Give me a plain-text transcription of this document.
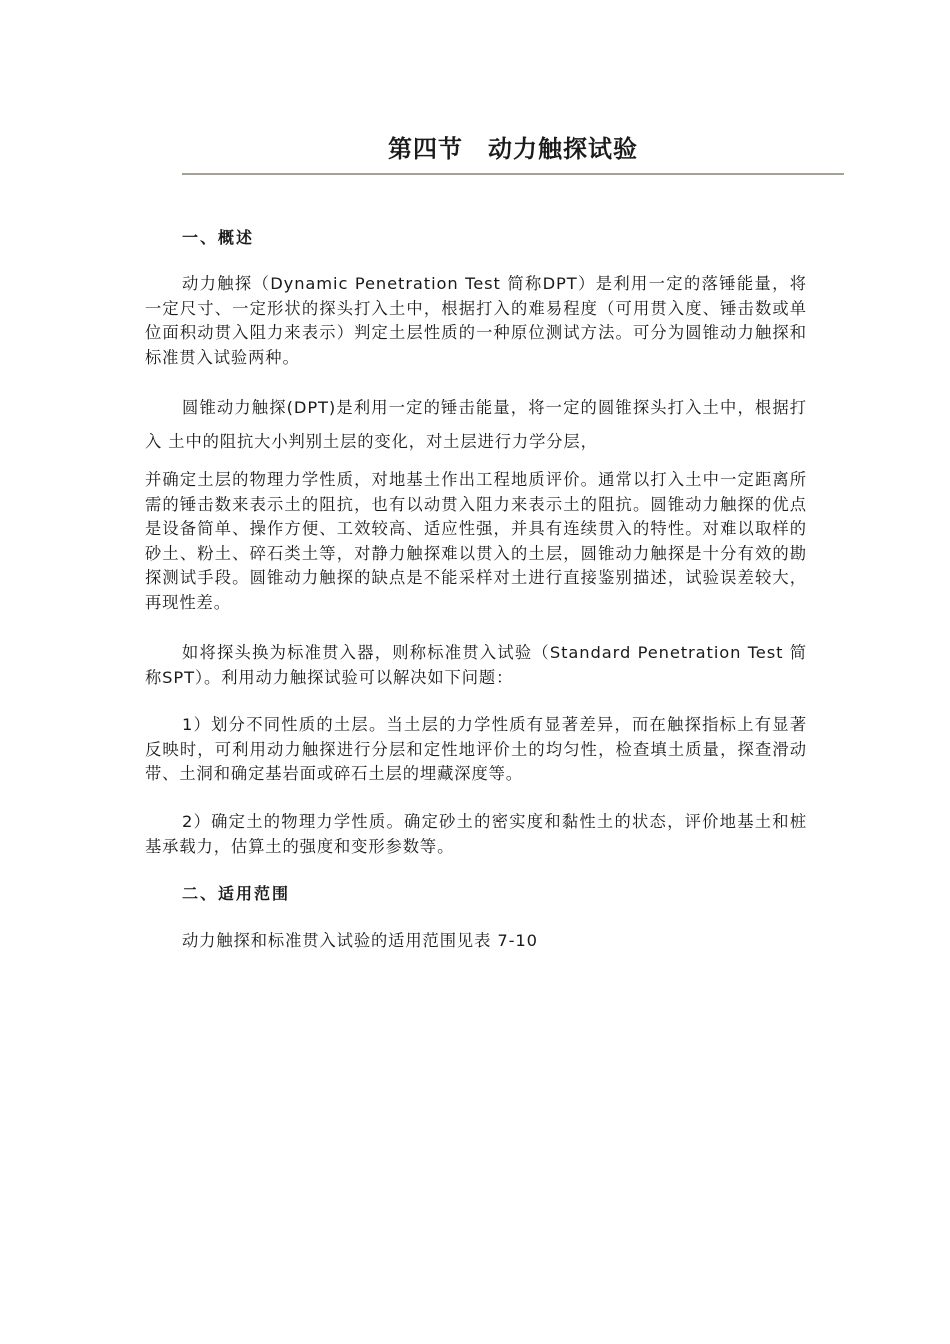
第四节　动力触探试验
一、概述

动力触探（Dynamic Penetration Test 简称DPT）是利用一定的落锤能量，将一定尺寸、一定形状的探头打入土中，根据打入的难易程度（可用贯入度、锤击数或单位面积动贯入阻力来表示）判定土层性质的一种原位测试方法。可分为圆锥动力触探和标准贯入试验两种。

圆锥动力触探(DPT)是利用一定的锤击能量，将一定的圆锥探头打入土中，根据打入 土中的阻抗大小判别土层的变化，对土层进行力学分层，

并确定土层的物理力学性质，对地基土作出工程地质评价。通常以打入土中一定距离所需的锤击数来表示土的阻抗，也有以动贯入阻力来表示土的阻抗。圆锥动力触探的优点是设备简单、操作方便、工效较高、适应性强，并具有连续贯入的特性。对难以取样的砂土、粉土、碎石类土等，对静力触探难以贯入的土层，圆锥动力触探是十分有效的勘探测试手段。圆锥动力触探的缺点是不能采样对土进行直接鉴别描述，试验误差较大，再现性差。

如将探头换为标准贯入器，则称标准贯入试验（Standard Penetration Test 简称SPT）。利用动力触探试验可以解决如下问题：

1）划分不同性质的土层。当土层的力学性质有显著差异，而在触探指标上有显著反映时，可利用动力触探进行分层和定性地评价土的均匀性，检查填土质量，探查滑动带、土洞和确定基岩面或碎石土层的埋藏深度等。

2）确定土的物理力学性质。确定砂土的密实度和黏性土的状态，评价地基土和桩基承载力，估算土的强度和变形参数等。

二、适用范围
动力触探和标准贯入试验的适用范围见表 7-10
